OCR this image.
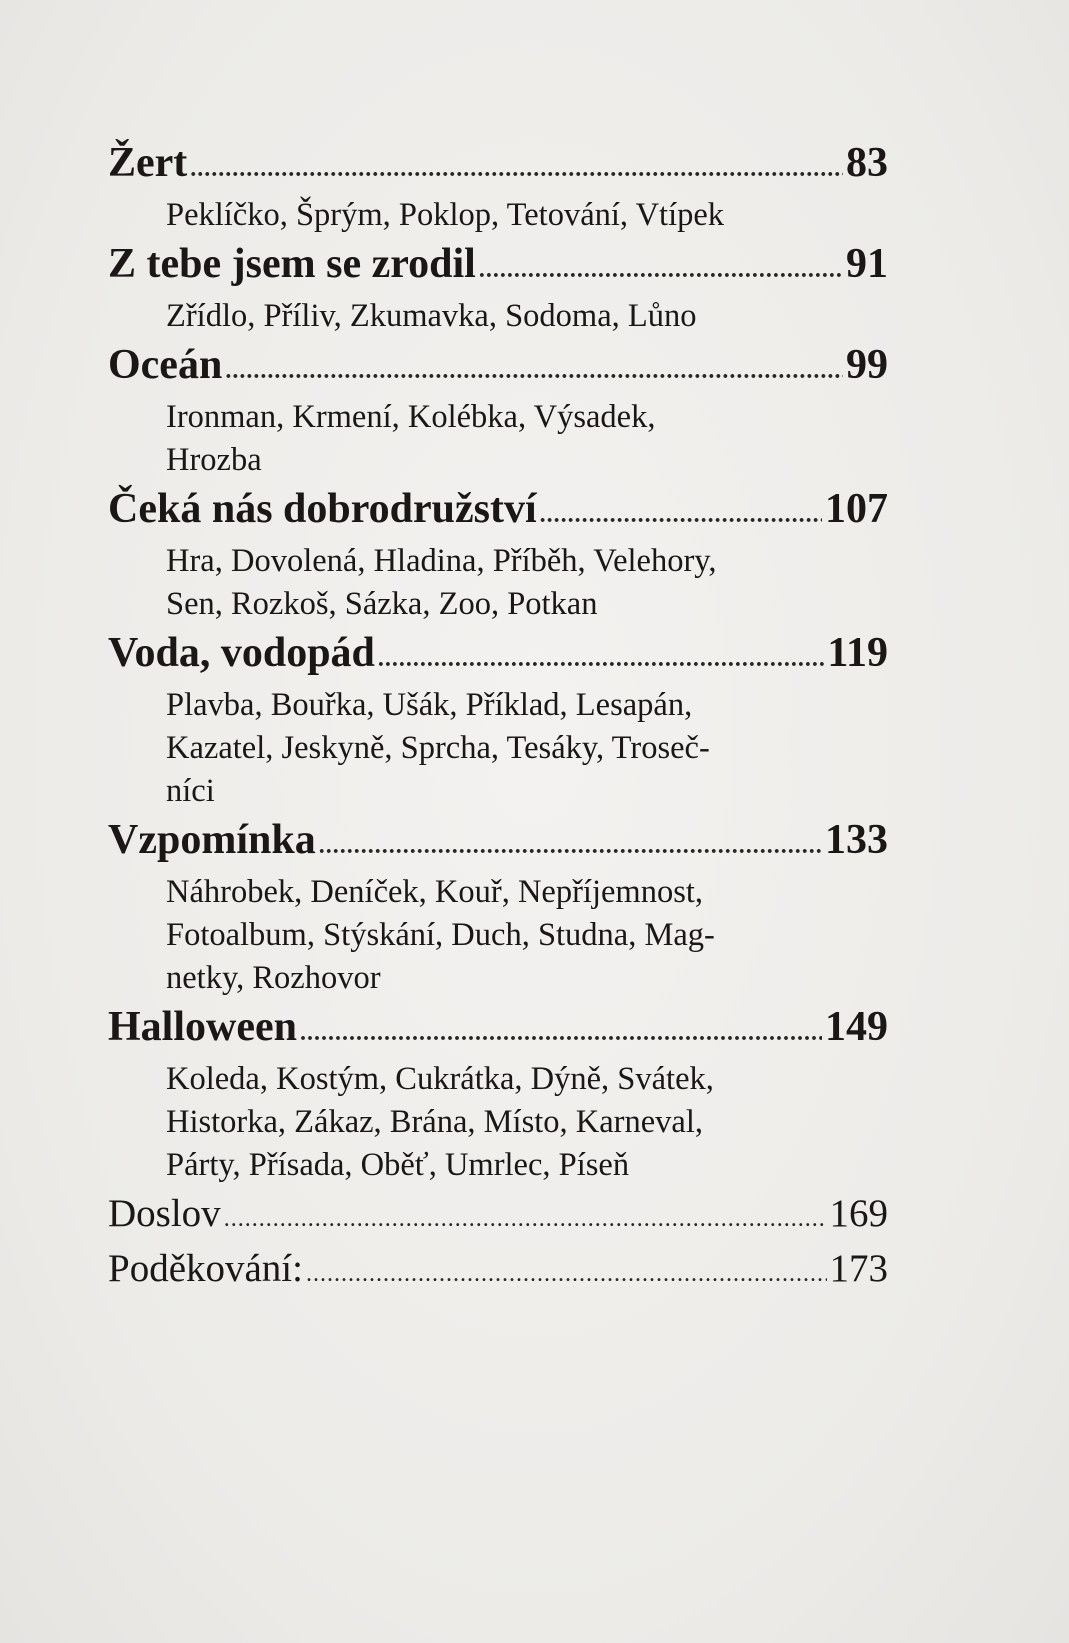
Žert .....	83
Peklíčko, Šprým, Poklop, Tetování, Vtípek
Z tebe jsem se zrodil .....	91
Zřídlo, Příliv, Zkumavka, Sodoma, Lůno
Oceán .....	99
Ironman, Krmení, Kolébka, Výsadek,
Hrozba
Čeká nás dobrodružství .....	107
Hra, Dovolená, Hladina, Příběh, Velehory,
Sen, Rozkoš, Sázka, Zoo, Potkan
Voda, vodopád .....	119
Plavba, Bouřka, Ušák, Příklad, Lesapán,
Kazatel, Jeskyně, Sprcha, Tesáky, Troseč-
níci
Vzpomínka .....	133
Náhrobek, Deníček, Kouř, Nepříjemnost,
Fotoalbum, Stýskání, Duch, Studna, Mag-
netky, Rozhovor
Halloween .....	149
Koleda, Kostým, Cukrátka, Dýně, Svátek,
Historka, Zákaz, Brána, Místo, Karneval,
Párty, Přísada, Oběť, Umrlec, Píseň
Doslov .....	169
Poděkování: .....	173
